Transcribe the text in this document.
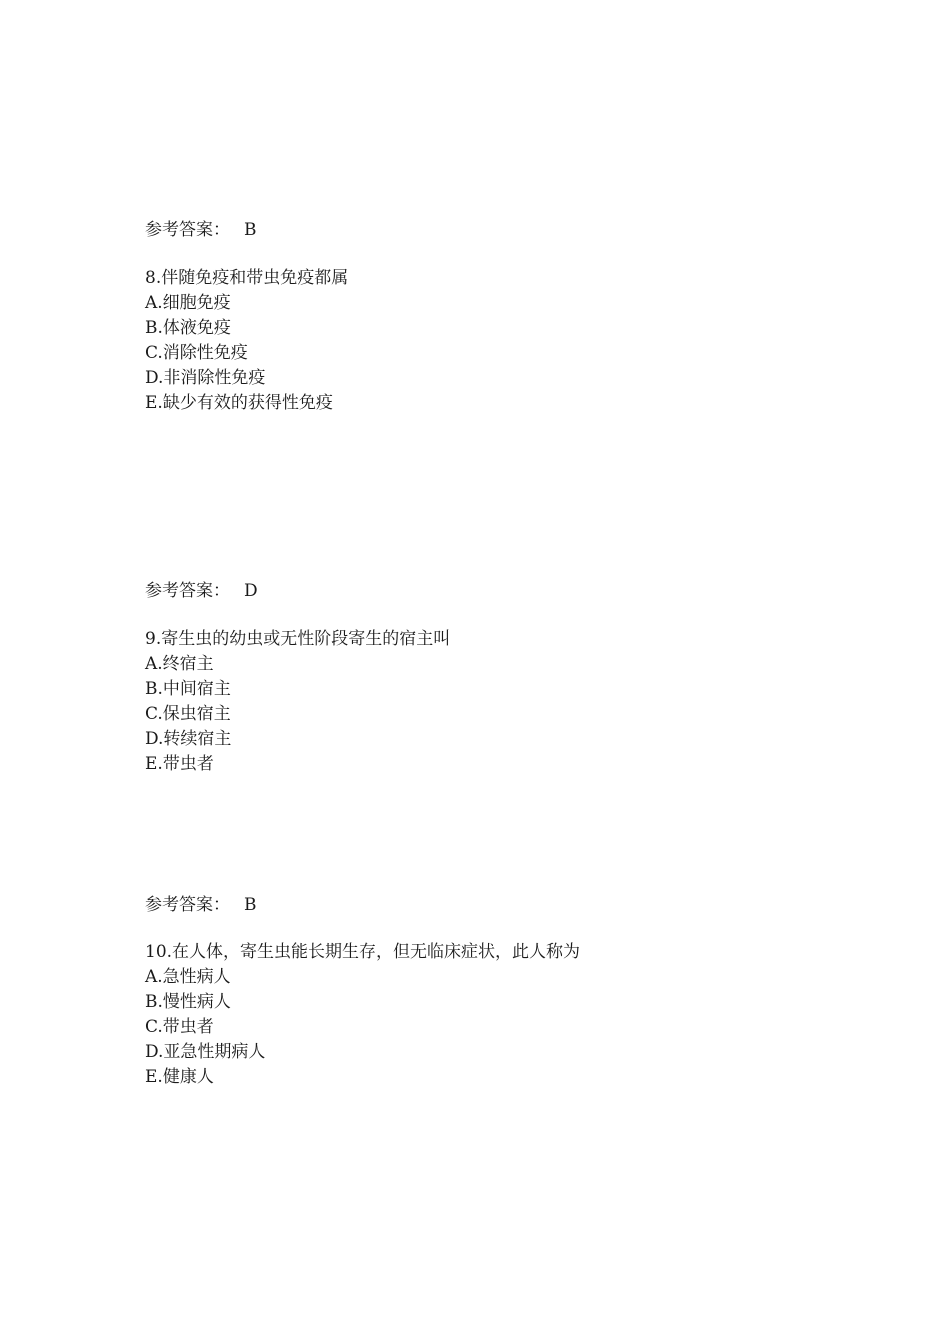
参考答案： B
8.伴随免疫和带虫免疫都属
A.细胞免疫
B.体液免疫
C.消除性免疫
D.非消除性免疫
E.缺少有效的获得性免疫
参考答案： D
9.寄生虫的幼虫或无性阶段寄生的宿主叫
A.终宿主
B.中间宿主
C.保虫宿主
D.转续宿主
E.带虫者
参考答案： B
10.在人体，寄生虫能长期生存，但无临床症状，此人称为
A.急性病人
B.慢性病人
C.带虫者
D.亚急性期病人
E.健康人
